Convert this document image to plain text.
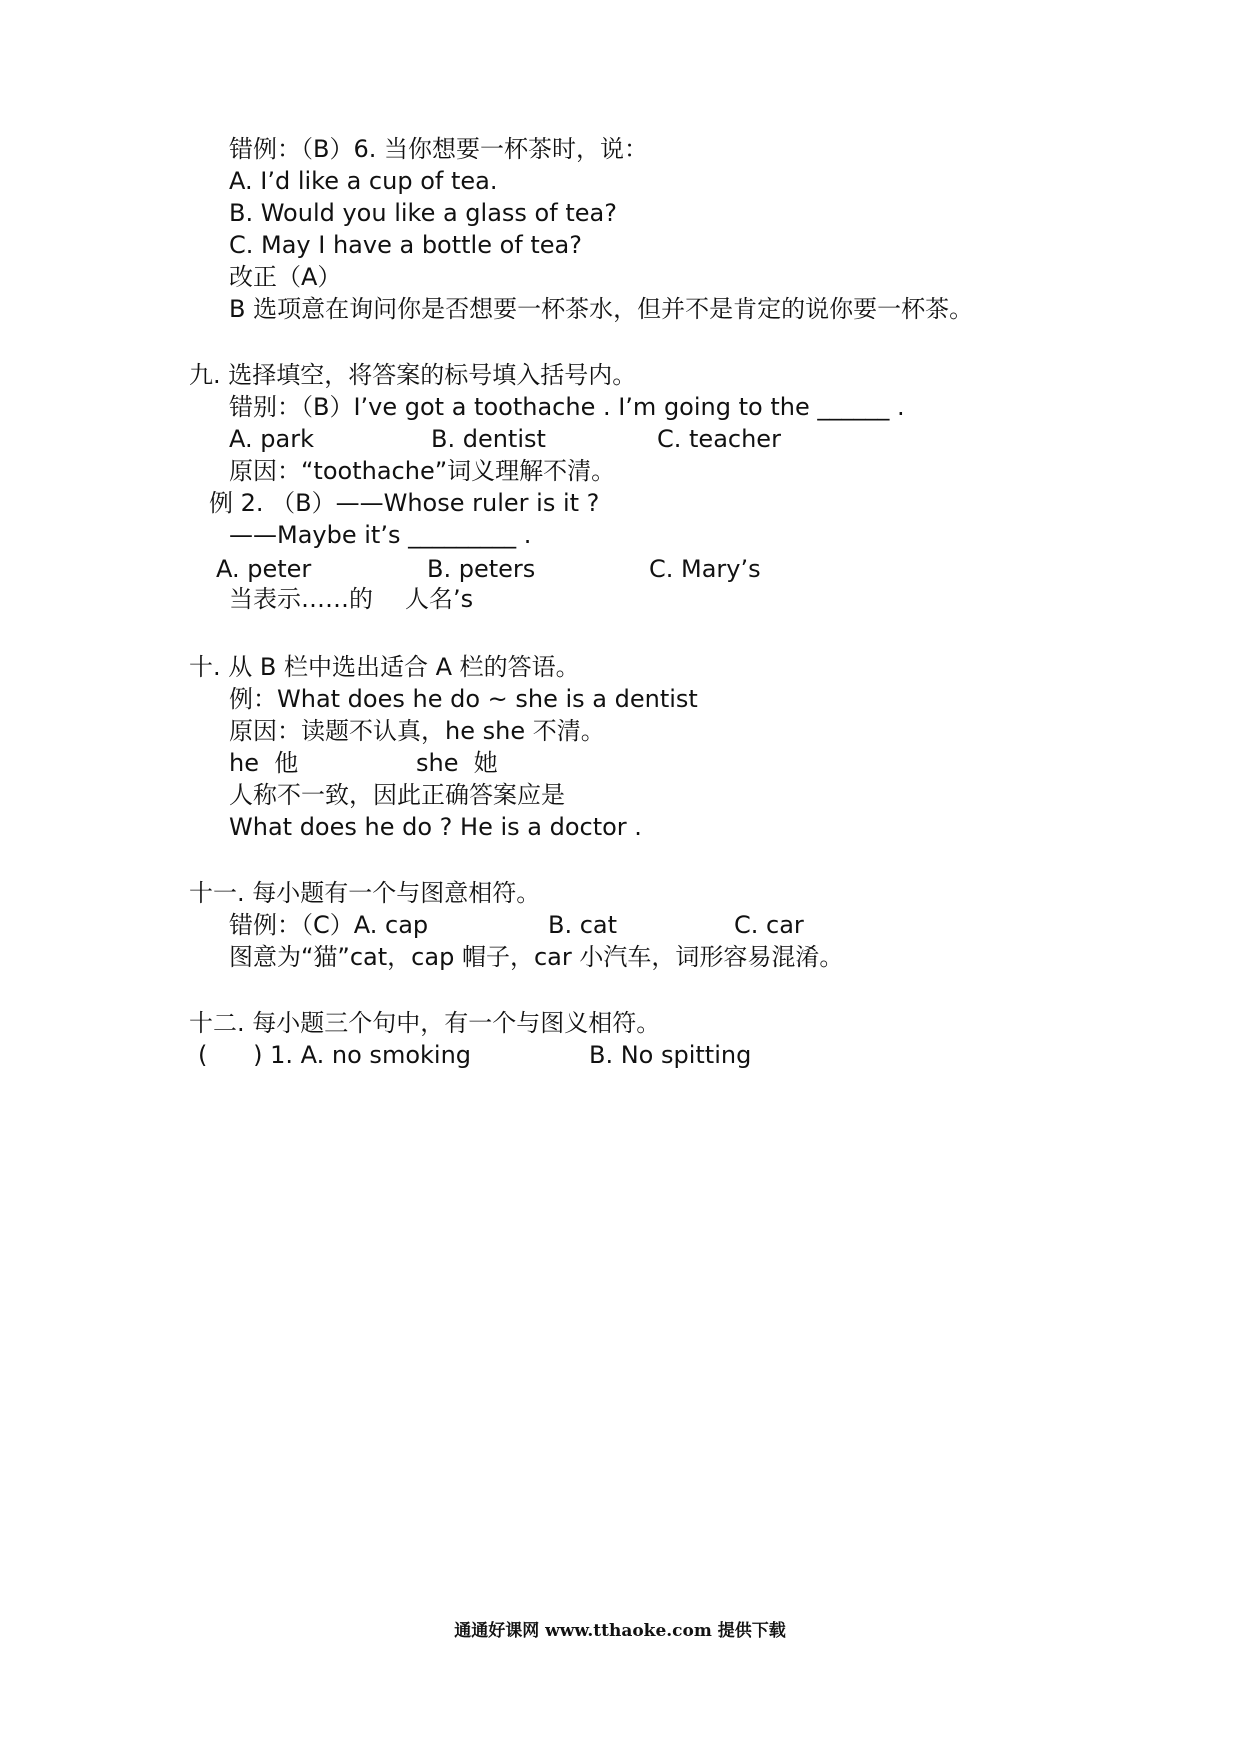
错例：（B）6. 当你想要一杯茶时，说：
A. I’d like a cup of tea.
B. Would you like a glass of tea?
C. May I have a bottle of tea?
改正（A）
B 选项意在询问你是否想要一杯茶水，但并不是肯定的说你要一杯茶。
九. 选择填空，将答案的标号填入括号内。
错别：（B）I’ve got a toothache . I’m going to the ______ .
A. park	B. dentist	C. teacher
原因：“toothache”词义理解不清。
例 2. （B）——Whose ruler is it ?
——Maybe it’s _________ .
A. peter	B. peters	C. Mary’s
当表示……的 人名’s
十. 从 B 栏中选出适合 A 栏的答语。
例：What does he do ~ she is a dentist
原因：读题不认真，he she 不清。
he  他	she  她
人称不一致，因此正确答案应是
What does he do ? He is a doctor .
十一. 每小题有一个与图意相符。
错例：（C）A. cap	B. cat	C. car
图意为“猫”cat，cap 帽子，car 小汽车，词形容易混淆。
十二. 每小题三个句中，有一个与图义相符。
(      ) 1. A. no smoking	B. No spitting
通通好课网 www.tthaoke.com 提供下载
